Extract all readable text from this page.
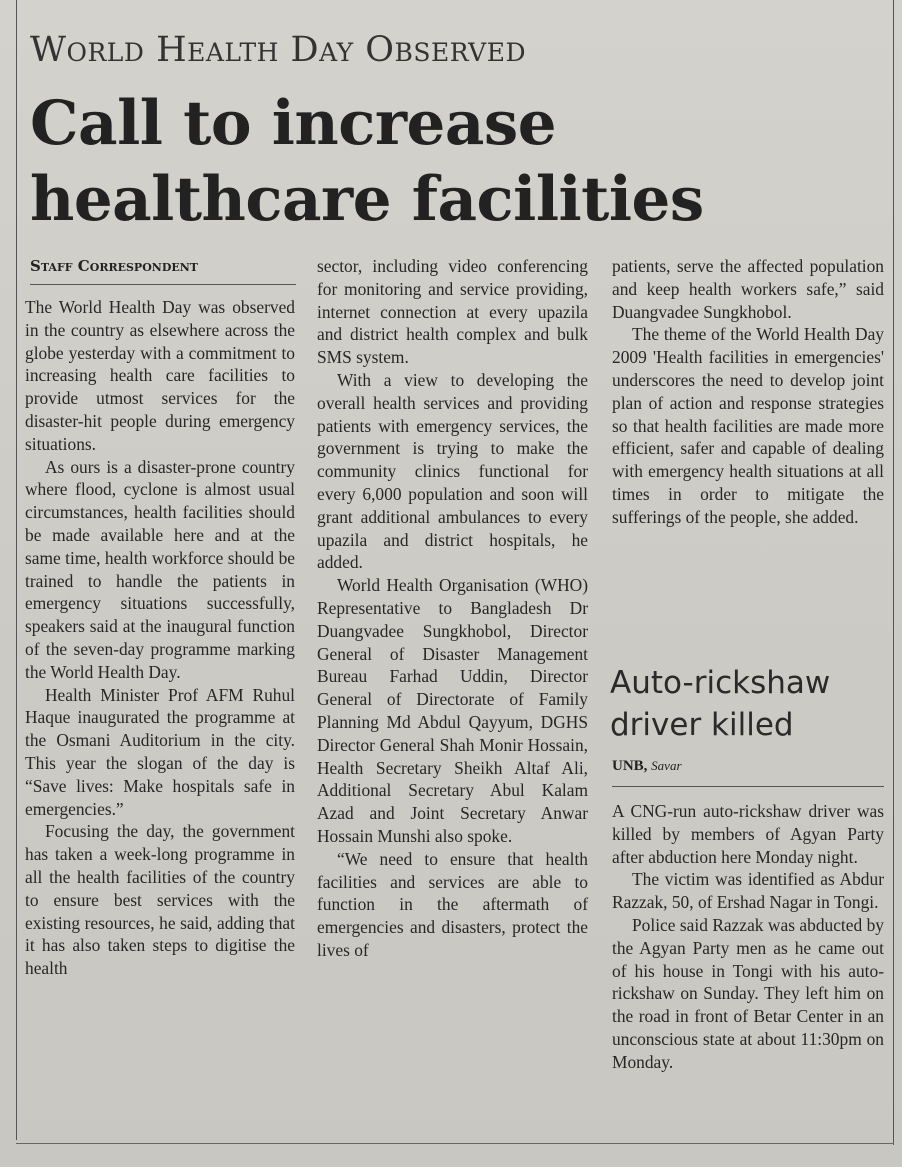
World Health Day Observed
Call to increase healthcare facilities
Staff Correspondent

The World Health Day was observed in the country as elsewhere across the globe yesterday with a commitment to increasing health care facilities to provide utmost services for the disaster-hit people during emergency situations.

As ours is a disaster-prone country where flood, cyclone is almost usual circumstances, health facilities should be made available here and at the same time, health workforce should be trained to handle the patients in emergency situations successfully, speakers said at the inaugural function of the seven-day programme marking the World Health Day.

Health Minister Prof AFM Ruhul Haque inaugurated the programme at the Osmani Auditorium in the city. This year the slogan of the day is “Save lives: Make hospitals safe in emergencies.”

Focusing the day, the government has taken a week-long programme in all the health facilities of the country to ensure best services with the existing resources, he said, adding that it has also taken steps to digitise the health

sector, including video conferencing for monitoring and service providing, internet connection at every upazila and district health complex and bulk SMS system.

With a view to developing the overall health services and providing patients with emergency services, the government is trying to make the community clinics functional for every 6,000 population and soon will grant additional ambulances to every upazila and district hospitals, he added.

World Health Organisation (WHO) Representative to Bangladesh Dr Duangvadee Sungkhobol, Director General of Disaster Management Bureau Farhad Uddin, Director General of Directorate of Family Planning Md Abdul Qayyum, DGHS Director General Shah Monir Hossain, Health Secretary Sheikh Altaf Ali, Additional Secretary Abul Kalam Azad and Joint Secretary Anwar Hossain Munshi also spoke.

“We need to ensure that health facilities and services are able to function in the aftermath of emergencies and disasters, protect the lives of

patients, serve the affected population and keep health workers safe,” said Duangvadee Sungkhobol.

The theme of the World Health Day 2009 'Health facilities in emergencies' underscores the need to develop joint plan of action and response strategies so that health facilities are made more efficient, safer and capable of dealing with emergency health situations at all times in order to mitigate the sufferings of the people, she added.

Auto-rickshaw driver killed
UNB, Savar

A CNG-run auto-rickshaw driver was killed by members of Agyan Party after abduction here Monday night.

The victim was identified as Abdur Razzak, 50, of Ershad Nagar in Tongi.

Police said Razzak was abducted by the Agyan Party men as he came out of his house in Tongi with his auto-rickshaw on Sunday. They left him on the road in front of Betar Center in an unconscious state at about 11:30pm on Monday.
